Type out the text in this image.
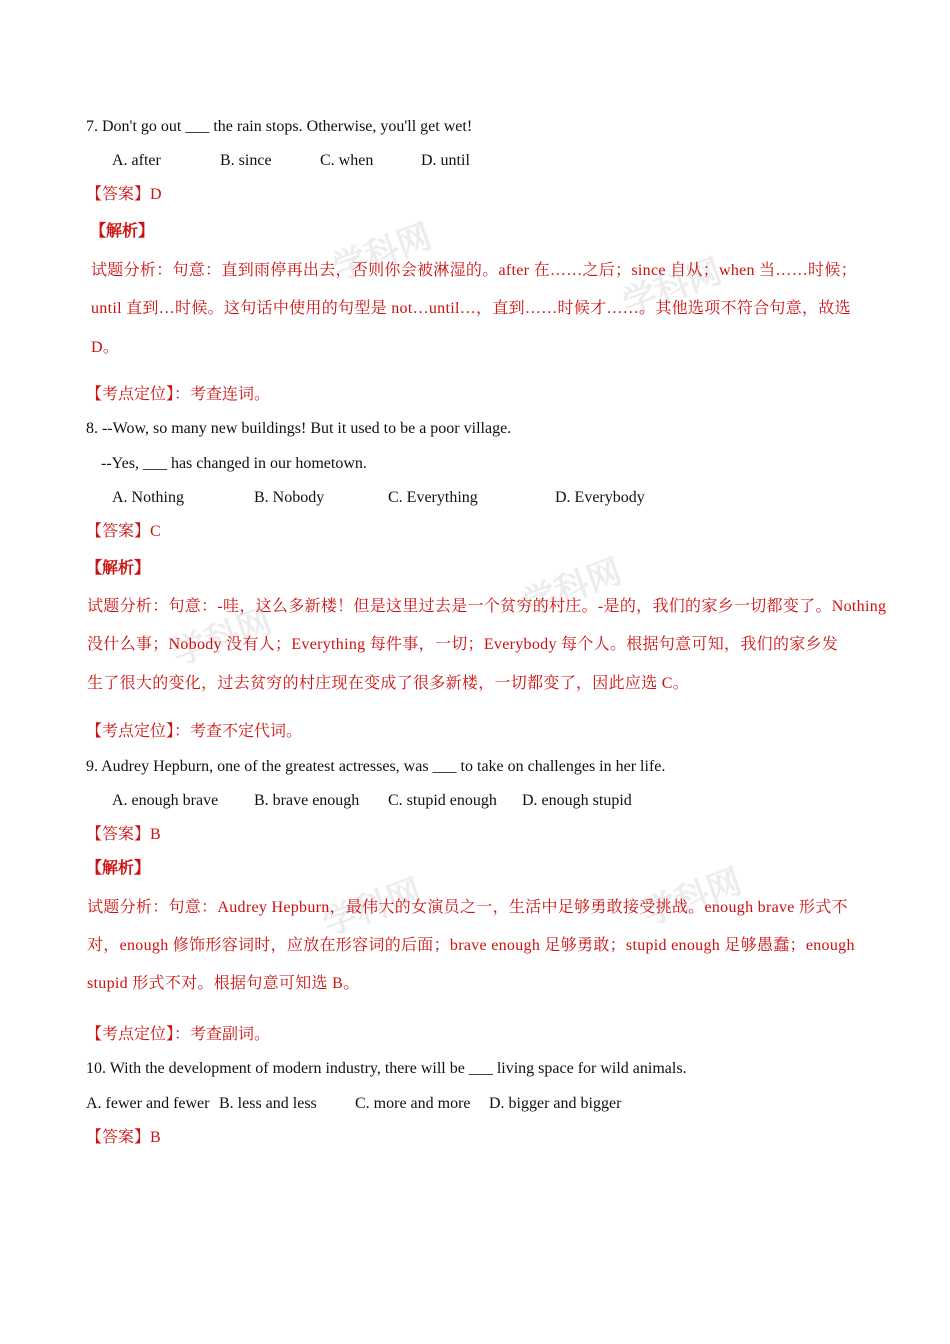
学科网	学科网
学科网
学科网
学科网	学科网
7. Don't go out ___ the rain stops. Otherwise, you'll get wet!
A. after	B. since	C. when	D. until
【答案】D
【解析】
试题分析：句意：直到雨停再出去，否则你会被淋湿的。after 在……之后；since 自从；when 当……时候；
until 直到…时候。这句话中使用的句型是 not…until…，直到……时候才……。其他选项不符合句意，故选
D。
【考点定位】：考查连词。
8. --Wow, so many new buildings! But it used to be a poor village.
--Yes, ___ has changed in our hometown.
A. Nothing	B. Nobody	C. Everything	D. Everybody
【答案】C
【解析】
试题分析：句意：-哇，这么多新楼！但是这里过去是一个贫穷的村庄。-是的，我们的家乡一切都变了。Nothing
没什么事；Nobody 没有人；Everything 每件事，一切；Everybody 每个人。根据句意可知，我们的家乡发
生了很大的变化，过去贫穷的村庄现在变成了很多新楼，一切都变了，因此应选 C。
【考点定位】：考查不定代词。
9. Audrey Hepburn, one of the greatest actresses, was ___ to take on challenges in her life.
A. enough brave B. brave enough C. stupid enough D. enough stupid
【答案】B
【解析】
试题分析：句意：Audrey Hepburn，最伟大的女演员之一，生活中足够勇敢接受挑战。enough brave 形式不
对，enough 修饰形容词时，应放在形容词的后面；brave enough 足够勇敢；stupid enough 足够愚蠢；enough
stupid 形式不对。根据句意可知选 B。
【考点定位】：考查副词。
10. With the development of modern industry, there will be ___ living space for wild animals.
A. fewer and fewer B. less and less C. more and more D. bigger and bigger
【答案】B
